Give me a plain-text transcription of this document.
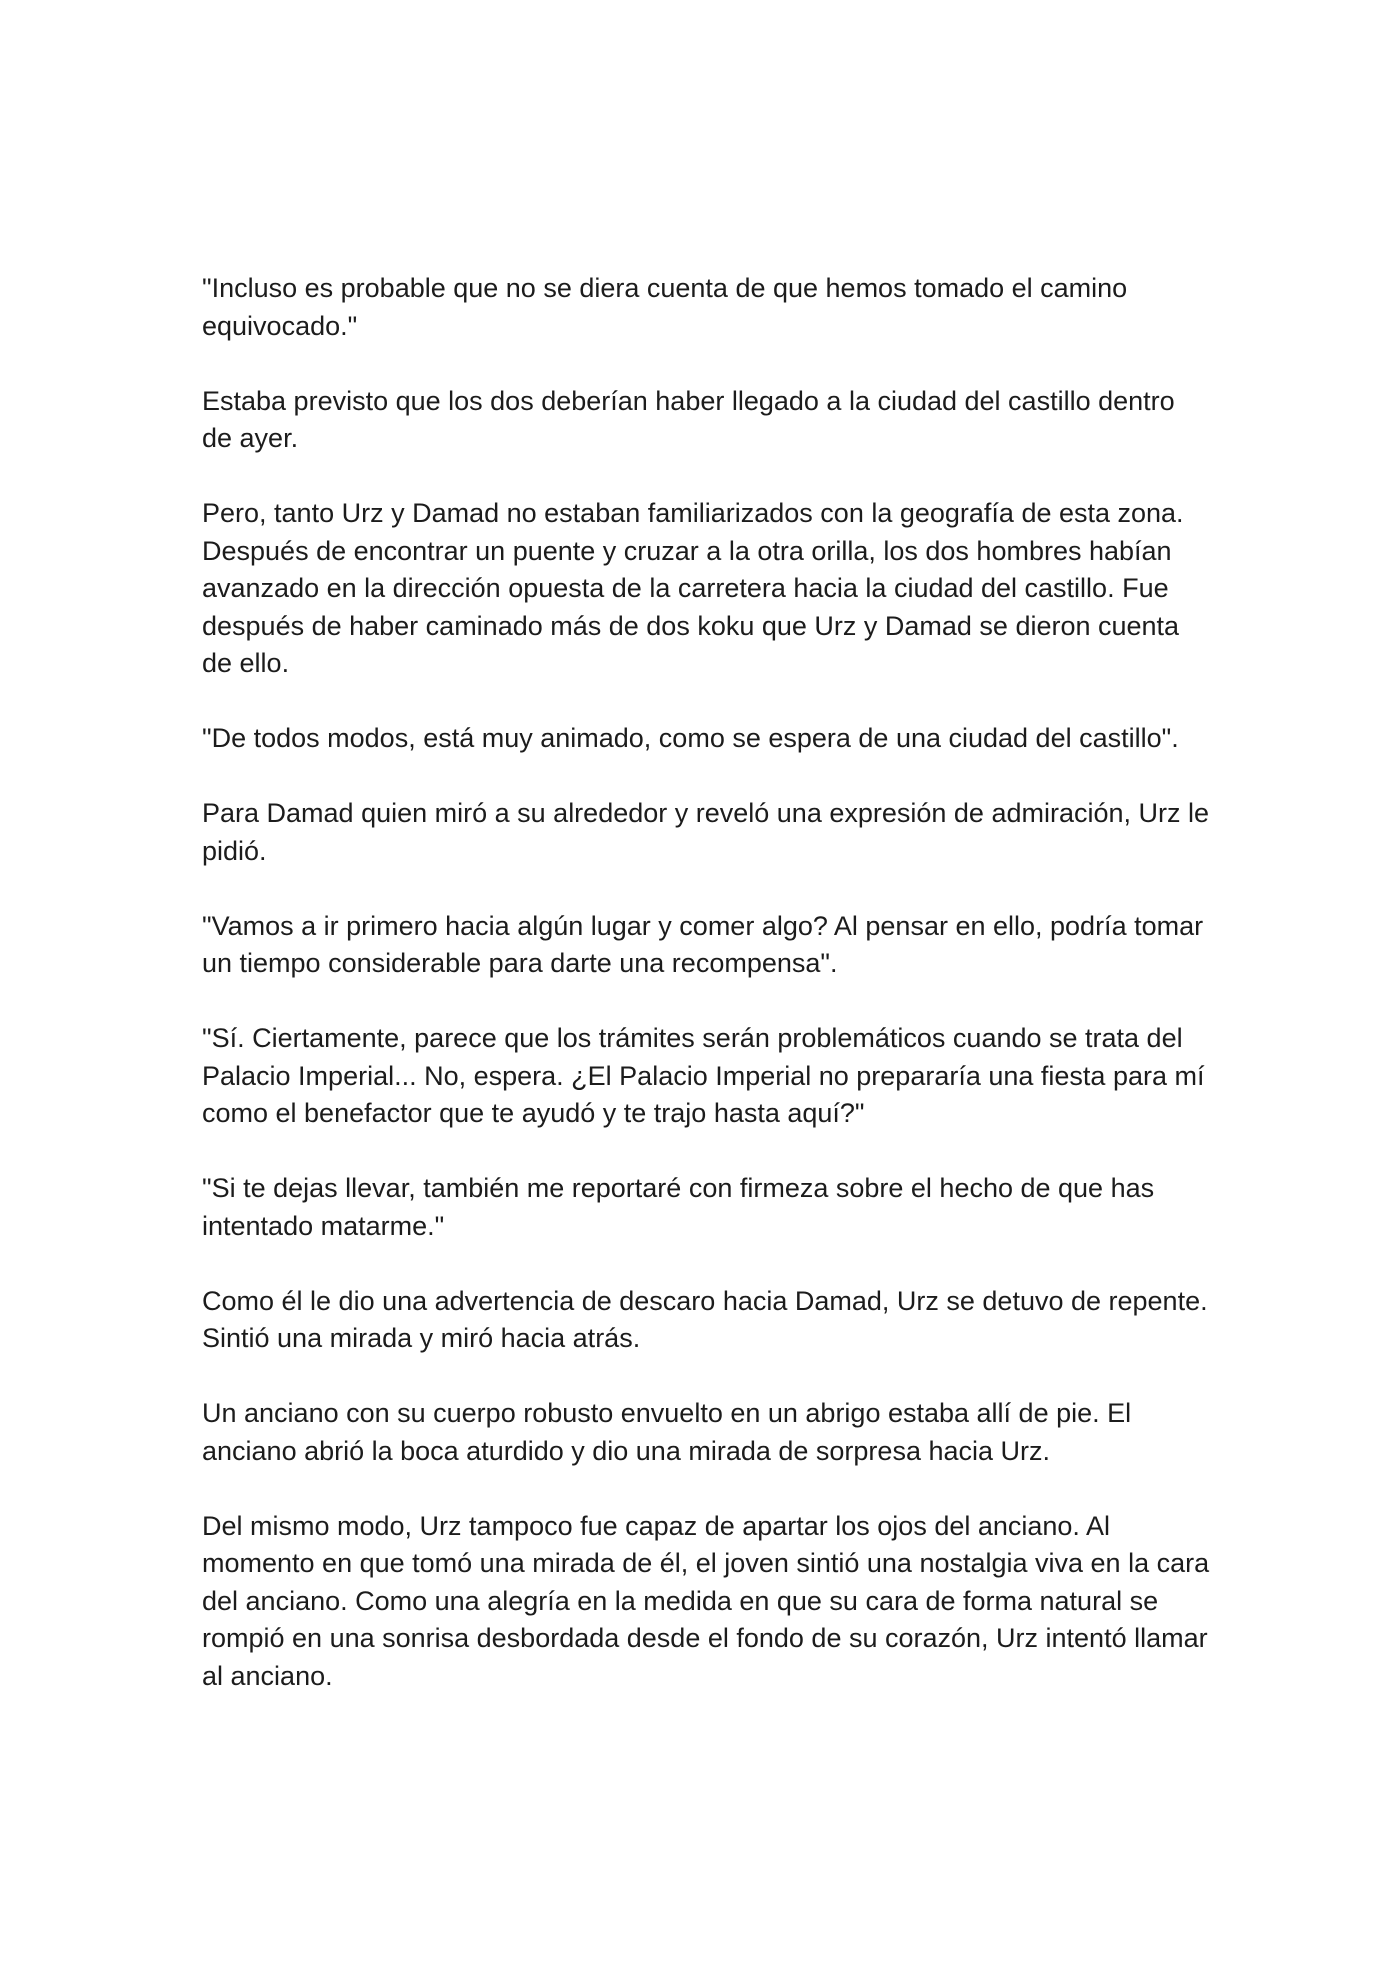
"Incluso es probable que no se diera cuenta de que hemos tomado el camino equivocado."

Estaba previsto que los dos deberían haber llegado a la ciudad del castillo dentro de ayer.

Pero, tanto Urz y Damad no estaban familiarizados con la geografía de esta zona. Después de encontrar un puente y cruzar a la otra orilla, los dos hombres habían avanzado en la dirección opuesta de la carretera hacia la ciudad del castillo. Fue después de haber caminado más de dos koku que Urz y Damad se dieron cuenta de ello.

"De todos modos, está muy animado, como se espera de una ciudad del castillo".

Para Damad quien miró a su alrededor y reveló una expresión de admiración, Urz le pidió.

"Vamos a ir primero hacia algún lugar y comer algo? Al pensar en ello, podría tomar un tiempo considerable para darte una recompensa".

"Sí. Ciertamente, parece que los trámites serán problemáticos cuando se trata del Palacio Imperial... No, espera. ¿El Palacio Imperial no prepararía una fiesta para mí como el benefactor que te ayudó y te trajo hasta aquí?"

"Si te dejas llevar, también me reportaré con firmeza sobre el hecho de que has intentado matarme."

Como él le dio una advertencia de descaro hacia Damad, Urz se detuvo de repente. Sintió una mirada y miró hacia atrás.

Un anciano con su cuerpo robusto envuelto en un abrigo estaba allí de pie. El anciano abrió la boca aturdido y dio una mirada de sorpresa hacia Urz.

Del mismo modo, Urz tampoco fue capaz de apartar los ojos del anciano. Al momento en que tomó una mirada de él, el joven sintió una nostalgia viva en la cara del anciano. Como una alegría en la medida en que su cara de forma natural se rompió en una sonrisa desbordada desde el fondo de su corazón, Urz intentó llamar al anciano.
